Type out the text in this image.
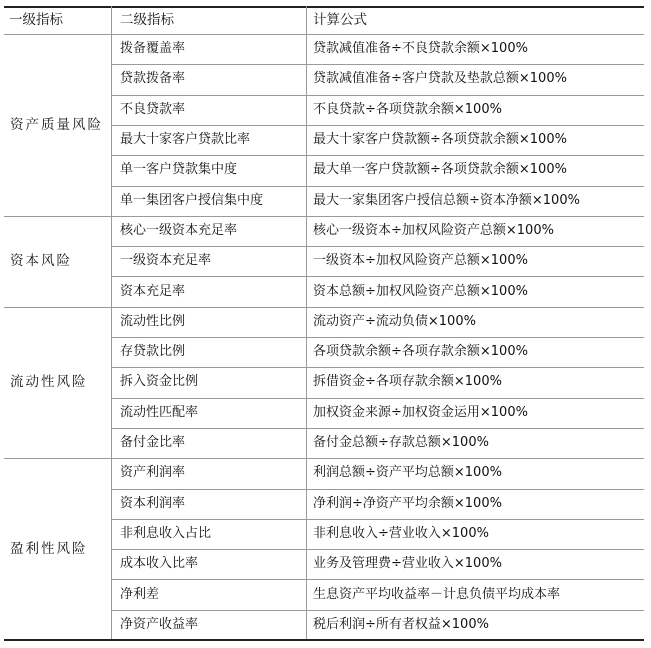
一级指标	二级指标	计算公式
资产质量风险
拨备覆盖率	贷款减值准备÷不良贷款余额×100%
贷款拨备率	贷款减值准备÷客户贷款及垫款总额×100%
不良贷款率	不良贷款÷各项贷款余额×100%
最大十家客户贷款比率	最大十家客户贷款额÷各项贷款余额×100%
单一客户贷款集中度	最大单一客户贷款额÷各项贷款余额×100%
单一集团客户授信集中度	最大一家集团客户授信总额÷资本净额×100%
资本风险
核心一级资本充足率	核心一级资本÷加权风险资产总额×100%
一级资本充足率	一级资本÷加权风险资产总额×100%
资本充足率	资本总额÷加权风险资产总额×100%
流动性风险
流动性比例	流动资产÷流动负债×100%
存贷款比例	各项贷款余额÷各项存款余额×100%
拆入资金比例	拆借资金÷各项存款余额×100%
流动性匹配率	加权资金来源÷加权资金运用×100%
备付金比率	备付金总额÷存款总额×100%
盈利性风险
资产利润率	利润总额÷资产平均总额×100%
资本利润率	净利润÷净资产平均余额×100%
非利息收入占比	非利息收入÷营业收入×100%
成本收入比率	业务及管理费÷营业收入×100%
净利差	生息资产平均收益率－计息负债平均成本率
净资产收益率	税后利润÷所有者权益×100%
